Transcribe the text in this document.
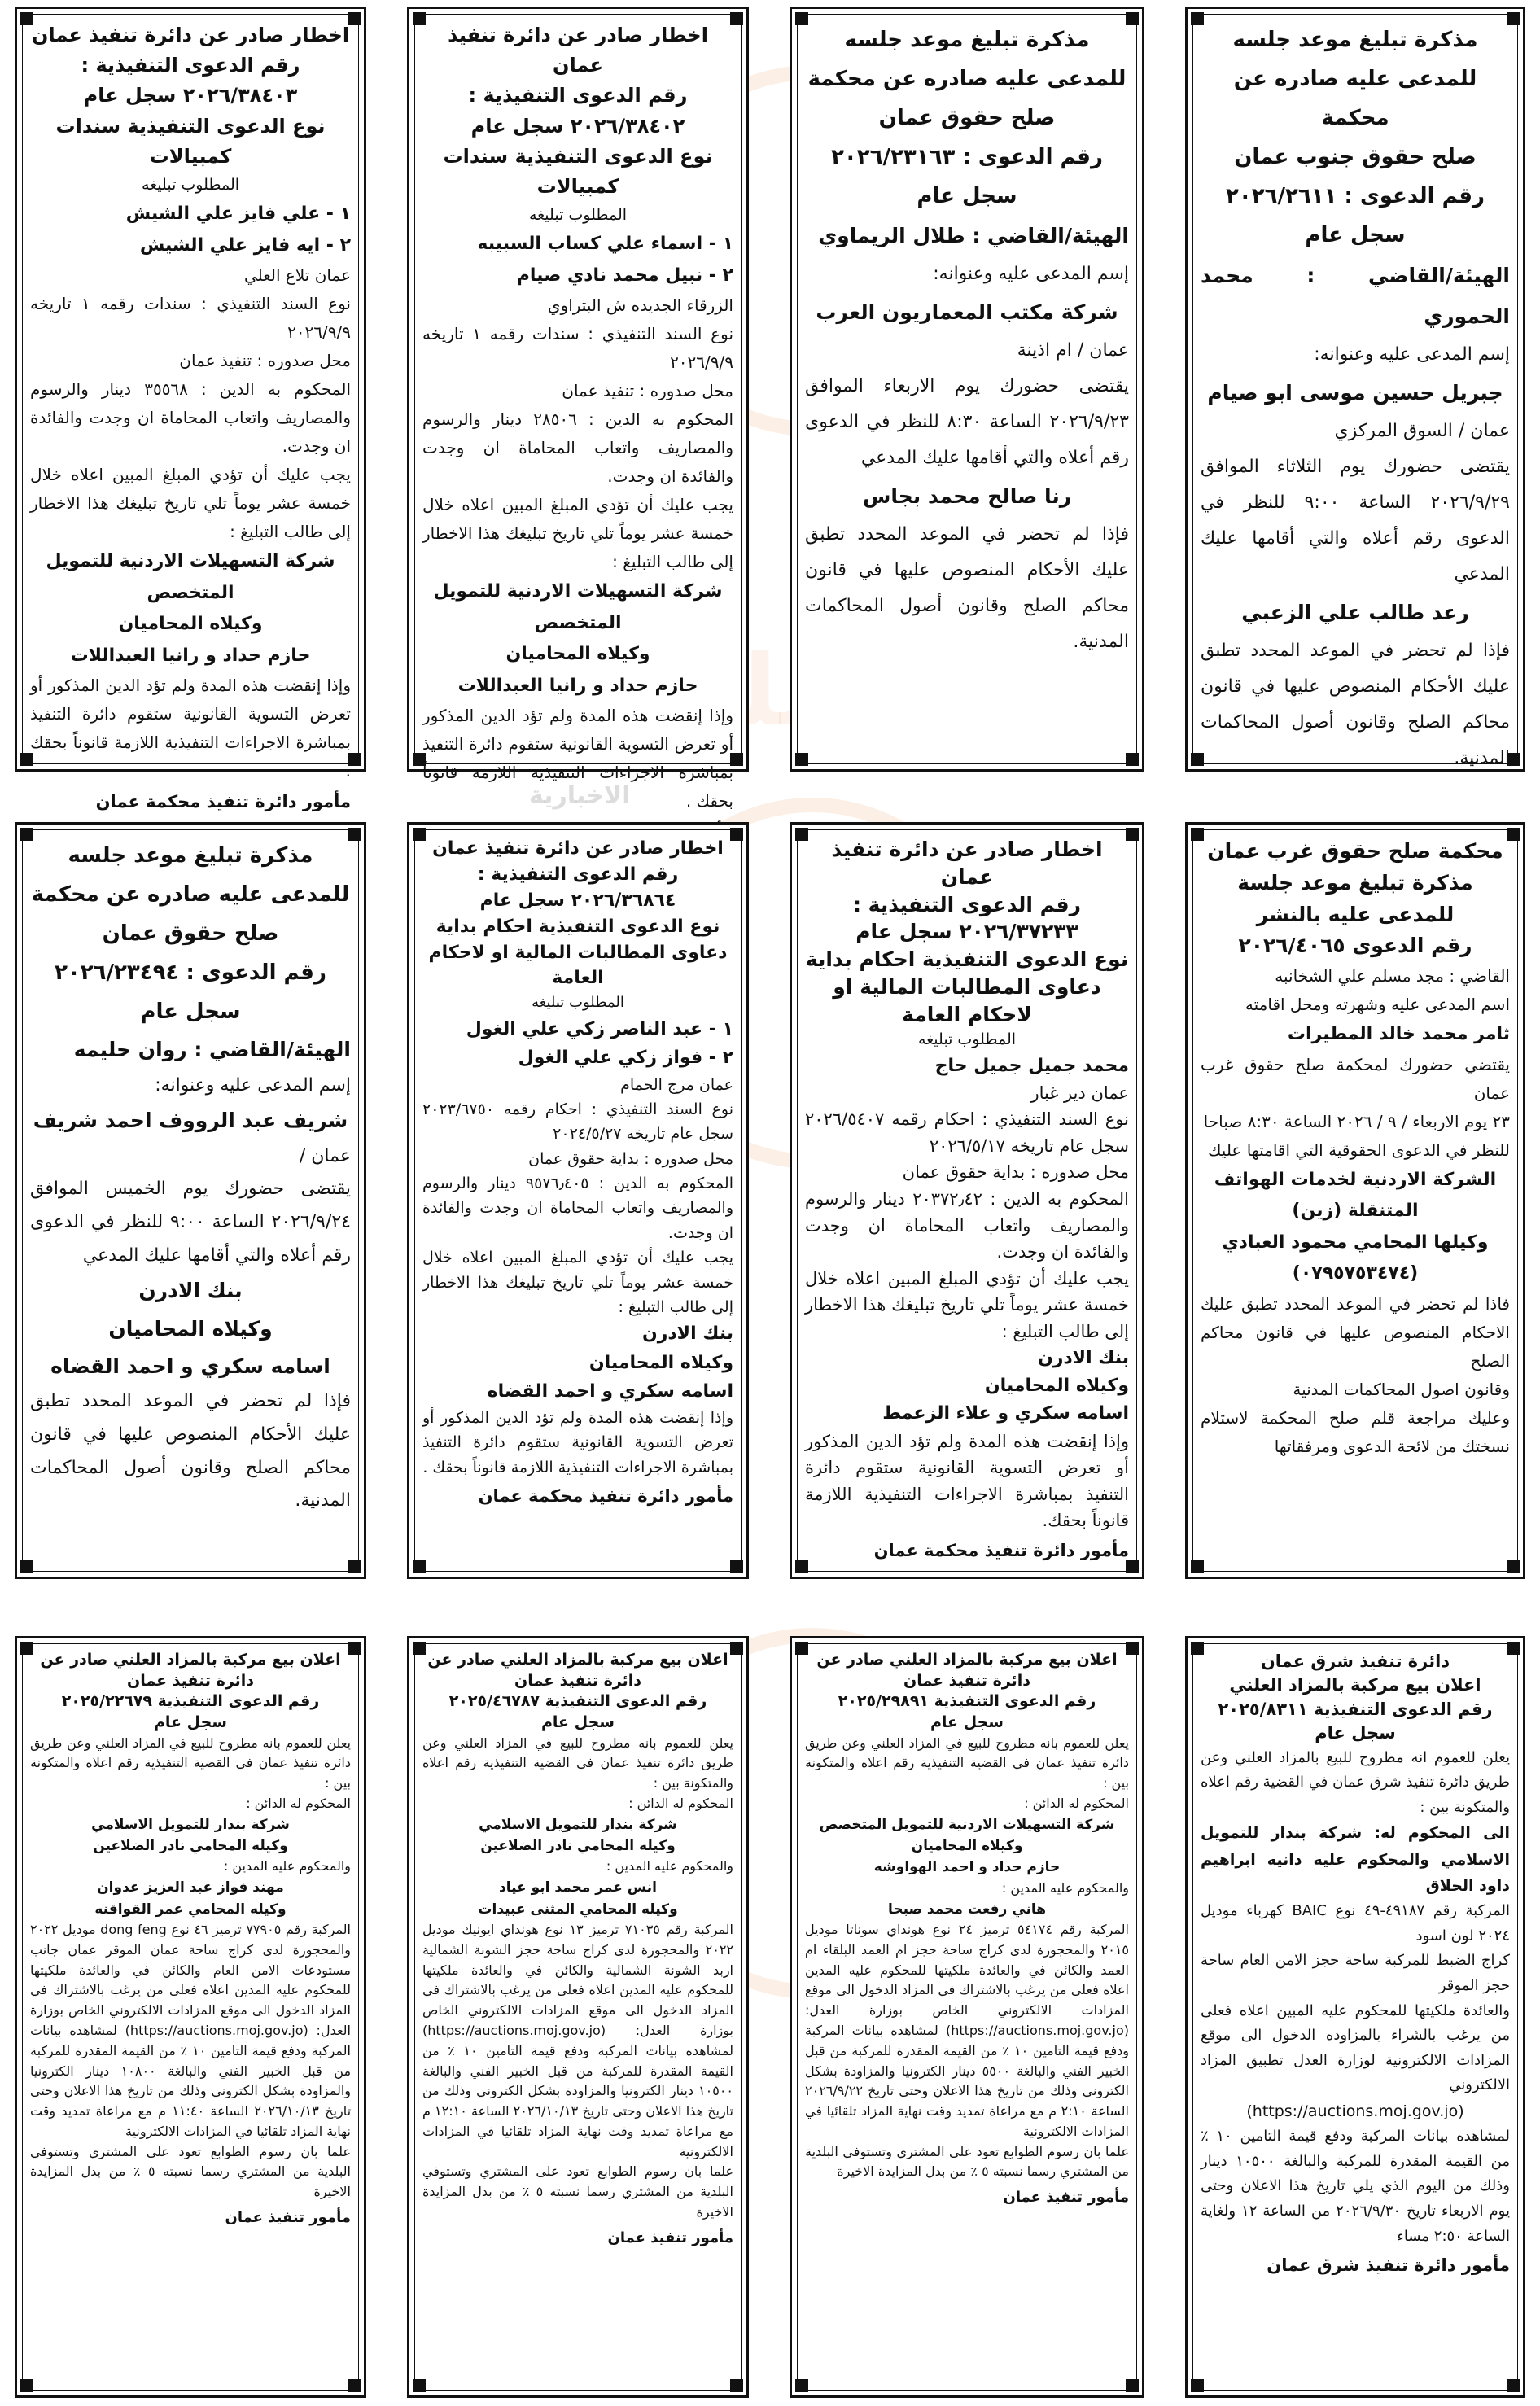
البلد
الاخبارية
مذكرة تبليغ موعد جلسه
للمدعى عليه صادره عن محكمة
صلح حقوق جنوب عمان
رقم الدعوى : ٢٠٢٦/٢٦١١
سجل عام

الهيئة/القاضي : محمد الحموري

إسم المدعى عليه وعنوانه:

جبريل حسين موسى ابو صيام

عمان / السوق المركزي

يقتضى حضورك يوم الثلاثاء الموافق ٢٠٢٦/٩/٢٩ الساعة ٩:٠٠ للنظر في الدعوى رقم أعلاه والتي أقامها عليك المدعي

رعد طالب علي الزعبي

فإذا لم تحضر في الموعد المحدد تطبق عليك الأحكام المنصوص عليها في قانون محاكم الصلح وقانون أصول المحاكمات المدنية.

مذكرة تبليغ موعد جلسه
للمدعى عليه صادره عن محكمة
صلح حقوق عمان
رقم الدعوى : ٢٠٢٦/٢٣١٦٣
سجل عام

الهيئة/القاضي : طلال الريماوي

إسم المدعى عليه وعنوانه:

شركة مكتب المعماريون العرب

عمان / ام اذينة

يقتضى حضورك يوم الاربعاء الموافق ٢٠٢٦/٩/٢٣ الساعة ٨:٣٠ للنظر في الدعوى رقم أعلاه والتي أقامها عليك المدعي

رنا صالح محمد بجاس

فإذا لم تحضر في الموعد المحدد تطبق عليك الأحكام المنصوص عليها في قانون محاكم الصلح وقانون أصول المحاكمات المدنية.

اخطار صادر عن دائرة تنفيذ عمان
رقم الدعوى التنفيذية :
٢٠٢٦/٣٨٤٠٢ سجل عام
نوع الدعوى التنفيذية سندات كمبيالات

المطلوب تبليغه

١ - اسماء علي كساب السبيبه

٢ - نبيل محمد نادي صيام

الزرقاء الجديده ش البتراوي

نوع السند التنفيذي : سندات رقمه ١ تاريخه ٢٠٢٦/٩/٩

محل صدوره : تنفيذ عمان

المحكوم به الدين : ٢٨٥٠٦ دينار والرسوم والمصاريف واتعاب المحاماة ان وجدت والفائدة ان وجدت.

يجب عليك أن تؤدي المبلغ المبين اعلاه خلال خمسة عشر يوماً تلي تاريخ تبليغك هذا الاخطار إلى طالب التبليغ :

شركة التسهيلات الاردنية للتمويل المتخصص

وكيلاه المحاميان

حازم حداد و رانيا العبداللات

وإذا إنقضت هذه المدة ولم تؤد الدين المذكور أو تعرض التسوية القانونية ستقوم دائرة التنفيذ بمباشرة الاجراءات التنفيذية اللازمة قانوناً بحقك .

اخطار صادر عن دائرة تنفيذ عمان
رقم الدعوى التنفيذية :
٢٠٢٦/٣٨٤٠٣ سجل عام
نوع الدعوى التنفيذية سندات كمبيالات

المطلوب تبليغه

١ - علي فايز علي الشيش

٢ - ايه فايز علي الشيش

عمان تلاع العلي

نوع السند التنفيذي : سندات رقمه ١ تاريخه ٢٠٢٦/٩/٩

محل صدوره : تنفيذ عمان

المحكوم به الدين : ٣٥٥٦٨ دينار والرسوم والمصاريف واتعاب المحاماة ان وجدت والفائدة ان وجدت.

يجب عليك أن تؤدي المبلغ المبين اعلاه خلال خمسة عشر يوماً تلي تاريخ تبليغك هذا الاخطار إلى طالب التبليغ :

شركة التسهيلات الاردنية للتمويل المتخصص

وكيلاه المحاميان

حازم حداد و رانيا العبداللات

وإذا إنقضت هذه المدة ولم تؤد الدين المذكور أو تعرض التسوية القانونية ستقوم دائرة التنفيذ بمباشرة الاجراءات التنفيذية اللازمة قانوناً بحقك .

مأمور دائرة تنفيذ محكمة عمان
محكمة صلح حقوق غرب عمان
مذكرة تبليغ موعد جلسة للمدعى عليه بالنشر
رقم الدعوى ٢٠٢٦/٤٠٦٥

القاضي : مجد مسلم علي الشخانبه

اسم المدعى عليه وشهرته ومحل اقامته

ثامر محمد خالد المطيرات

يقتضي حضورك لمحكمة صلح حقوق غرب عمان

٢٣ يوم الاربعاء / ٩ / ٢٠٢٦ الساعة ٨:٣٠ صباحا

للنظر في الدعوى الحقوقية التي اقامتها عليك

الشركة الاردنية لخدمات الهواتف المتنقلة (زين)

وكيلها المحامي محمود العبادي

(٠٧٩٥٧٥٣٤٧٤)

فاذا لم تحضر في الموعد المحدد تطبق عليك الاحكام المنصوص عليها في قانون محاكم الصلح

وقانون اصول المحاكمات المدنية

وعليك مراجعة قلم صلح المحكمة لاستلام نسختك من لائحة الدعوى ومرفقاتها

اخطار صادر عن دائرة تنفيذ عمان
رقم الدعوى التنفيذية :
٢٠٢٦/٣٧٢٣٣ سجل عام
نوع الدعوى التنفيذية احكام بداية دعاوى المطالبات المالية او لاحكام العامة

المطلوب تبليغه

محمد جميل جميل حاج

عمان دير غبار

نوع السند التنفيذي : احكام رقمه ٢٠٢٦/٥٤٠٧ سجل عام تاريخه ٢٠٢٦/٥/١٧

محل صدوره : بداية حقوق عمان

المحكوم به الدين : ٢٠٣٧٢٫٤٢ دينار والرسوم والمصاريف واتعاب المحاماة ان وجدت والفائدة ان وجدت.

يجب عليك أن تؤدي المبلغ المبين اعلاه خلال خمسة عشر يوماً تلي تاريخ تبليغك هذا الاخطار إلى طالب التبليغ :

بنك الادرن

وكيلاه المحاميان

اسامه سكري و علاء الزعمط

وإذا إنقضت هذه المدة ولم تؤد الدين المذكور أو تعرض التسوية القانونية ستقوم دائرة التنفيذ بمباشرة الاجراءات التنفيذية اللازمة قانوناً بحقك.

مأمور دائرة تنفيذ محكمة عمان
اخطار صادر عن دائرة تنفيذ عمان
رقم الدعوى التنفيذية :
٢٠٢٦/٣٦٨٦٤ سجل عام
نوع الدعوى التنفيذية احكام بداية دعاوى المطالبات المالية او لاحكام العامة

المطلوب تبليغه

١ - عبد الناصر زكي علي الغول

٢ - فواز زكي علي الغول

عمان مرج الحمام

نوع السند التنفيذي : احكام رقمه ٢٠٢٣/٦٧٥٠ سجل عام تاريخه ٢٠٢٤/٥/٢٧

محل صدوره : بداية حقوق عمان

المحكوم به الدين : ٩٥٧٦٫٤٠٥ دينار والرسوم والمصاريف واتعاب المحاماة ان وجدت والفائدة ان وجدت.

يجب عليك أن تؤدي المبلغ المبين اعلاه خلال خمسة عشر يوماً تلي تاريخ تبليغك هذا الاخطار إلى طالب التبليغ :

بنك الادرن

وكيلاه المحاميان

اسامه سكري و احمد القضاه

وإذا إنقضت هذه المدة ولم تؤد الدين المذكور أو تعرض التسوية القانونية ستقوم دائرة التنفيذ بمباشرة الاجراءات التنفيذية اللازمة قانوناً بحقك .

مأمور دائرة تنفيذ محكمة عمان
مذكرة تبليغ موعد جلسه
للمدعى عليه صادره عن محكمة
صلح حقوق عمان
رقم الدعوى : ٢٠٢٦/٢٣٤٩٤
سجل عام

الهيئة/القاضي : روان حليمه

إسم المدعى عليه وعنوانه:

شريف عبد الرووف احمد شريف

عمان /

يقتضى حضورك يوم الخميس الموافق ٢٠٢٦/٩/٢٤ الساعة ٩:٠٠ للنظر في الدعوى رقم أعلاه والتي أقامها عليك المدعي

بنك الادرن

وكيلاه المحاميان

اسامه سكري و احمد القضاه

فإذا لم تحضر في الموعد المحدد تطبق عليك الأحكام المنصوص عليها في قانون محاكم الصلح وقانون أصول المحاكمات المدنية.

دائرة تنفيذ شرق عمان
اعلان بيع مركبة بالمزاد العلني
رقم الدعوى التنفيذية ٢٠٢٥/٨٣١١
سجل عام

يعلن للعموم انه مطروح للبيع بالمزاد العلني وعن طريق دائرة تنفيذ شرق عمان في القضية رقم اعلاه والمتكونة بين :

الى المحكوم له: شركة بندار للتمويل الاسلامي والمحكوم عليه دانيه ابراهيم داود الحلاق

المركبة رقم ٤٩١٨٧-٤٩ نوع BAIC كهرباء موديل ٢٠٢٤ لون اسود

كراج الضبط للمركبة ساحة حجز الامن العام ساحة حجز الموقر

والعائدة ملكيتها للمحكوم عليه المبين اعلاه فعلى من يرغب بالشراء بالمزاوده الدخول الى موقع المزادات الالكترونية لوزارة العدل تطبيق المزاد الالكتروني

(https://auctions.moj.gov.jo)

لمشاهده بيانات المركبة ودفع قيمة التامين ١٠ ٪ من القيمة المقدرة للمركبة والبالغة ١٠٥٠٠ دينار وذلك من اليوم الذي يلي تاريخ هذا الاعلان وحتى يوم الاربعاء تاريخ ٢٠٢٦/٩/٣٠ من الساعة ١٢ ولغاية الساعة ٢:٥٠ مساء

مأمور دائرة تنفيذ شرق عمان
اعلان بيع مركبة بالمزاد العلني صادر عن دائرة تنفيذ عمان
رقم الدعوى التنفيذية ٢٠٢٥/٢٩٨٩١
سجل عام

يعلن للعموم بانه مطروح للبيع في المزاد العلني وعن طريق دائرة تنفيذ عمان في القضية التنفيذية رقم اعلاه والمتكونة بين :

المحكوم له الدائن :

شركة التسهيلات الاردنية للتمويل المتخصص

وكيلاه المحاميان

حازم حداد و احمد الهواوشه

والمحكوم عليه المدين :

هاني رفعت محمد صبحا

المركبة رقم ٥٤١٧٤ ترميز ٢٤ نوع هونداي سوناتا موديل ٢٠١٥ والمحجوزة لدى كراج ساحة حجز ام العمد البلقاء ام العمد والكائن في والعائدة ملكيتها للمحكوم عليه المدين اعلاه فعلى من يرغب بالاشتراك في المزاد الدخول الى موقع المزادات الالكتروني الخاص بوزارة العدل: (https://auctions.moj.gov.jo) لمشاهده بيانات المركبة ودفع قيمة التامين ١٠ ٪ من القيمة المقدرة للمركبة من قبل الخبير الفني والبالغة ٥٥٠٠ دينار الكترونيا والمزاودة بشكل الكتروني وذلك من تاريخ هذا الاعلان وحتى تاريخ ٢٠٢٦/٩/٢٢ الساعة ٢:١٠ م مع مراعاة تمديد وقت نهاية المزاد تلقائيا في المزادات الالكترونية

علما بان رسوم الطوابع تعود على المشتري وتستوفي البلدية من المشتري رسما نسبته ٥ ٪ من بدل المزايدة الاخيرة

مأمور تنفيذ عمان
اعلان بيع مركبة بالمزاد العلني صادر عن دائرة تنفيذ عمان
رقم الدعوى التنفيذية ٢٠٢٥/٤٦٧٨٧
سجل عام

يعلن للعموم بانه مطروح للبيع في المزاد العلني وعن طريق دائرة تنفيذ عمان في القضية التنفيذية رقم اعلاه والمتكونة بين :

المحكوم له الدائن :

شركة بندار للتمويل الاسلامي

وكيله المحامي نادر الضلاعين

والمحكوم عليه المدين :

انس عمر محمد ابو عياد

وكيله المحامي المثنى عبيدات

المركبة رقم ٧١٠٣٥ ترميز ١٣ نوع هونداي ايونيك موديل ٢٠٢٢ والمحجوزة لدى كراج ساحة حجز الشونة الشمالية اربد الشونة الشمالية والكائن في والعائدة ملكيتها للمحكوم عليه المدين اعلاه فعلى من يرغب بالاشتراك في المزاد الدخول الى موقع المزادات الالكتروني الخاص بوزارة العدل: (https://auctions.moj.gov.jo) لمشاهده بيانات المركبة ودفع قيمة التامين ١٠ ٪ من القيمة المقدرة للمركبة من قبل الخبير الفني والبالغة ١٠٥٠٠ دينار الكترونيا والمزاودة بشكل الكتروني وذلك من تاريخ هذا الاعلان وحتى تاريخ ٢٠٢٦/١٠/١٣ الساعة ١٢:١٠ م مع مراعاة تمديد وقت نهاية المزاد تلقائيا في المزادات الالكترونية

علما بان رسوم الطوابع تعود على المشتري وتستوفي البلدية من المشتري رسما نسبته ٥ ٪ من بدل المزايدة الاخيرة

مأمور تنفيذ عمان
اعلان بيع مركبة بالمزاد العلني صادر عن دائرة تنفيذ عمان
رقم الدعوى التنفيذية ٢٠٢٥/٢٢٦٧٩
سجل عام

يعلن للعموم بانه مطروح للبيع في المزاد العلني وعن طريق دائرة تنفيذ عمان في القضية التنفيذية رقم اعلاه والمتكونة بين :

المحكوم له الدائن :

شركة بندار للتمويل الاسلامي

وكيله المحامي نادر الضلاعين

والمحكوم عليه المدين :

مهند فواز عبد العزيز عدوان

وكيله المحامي عمر القواقنه

المركبة رقم ٧٧٩٠٥ ترميز ٤٦ نوع dong feng موديل ٢٠٢٢ والمحجوزة لدى كراج ساحة عمان الموقر عمان جانب مستودعات الامن العام والكائن في والعائدة ملكيتها للمحكوم عليه المدين اعلاه فعلى من يرغب بالاشتراك في المزاد الدخول الى موقع المزادات الالكتروني الخاص بوزارة العدل: (https://auctions.moj.gov.jo) لمشاهده بيانات المركبة ودفع قيمة التامين ١٠ ٪ من القيمة المقدرة للمركبة من قبل الخبير الفني والبالغة ١٠٨٠٠ دينار الكترونيا والمزاودة بشكل الكتروني وذلك من تاريخ هذا الاعلان وحتى تاريخ ٢٠٢٦/١٠/١٣ الساعة ١١:٤٠ م مع مراعاة تمديد وقت نهاية المزاد تلقائيا في المزادات الالكترونية

علما بان رسوم الطوابع تعود على المشتري وتستوفي البلدية من المشتري رسما نسبته ٥ ٪ من بدل المزايدة الاخيرة

مأمور تنفيذ عمان
